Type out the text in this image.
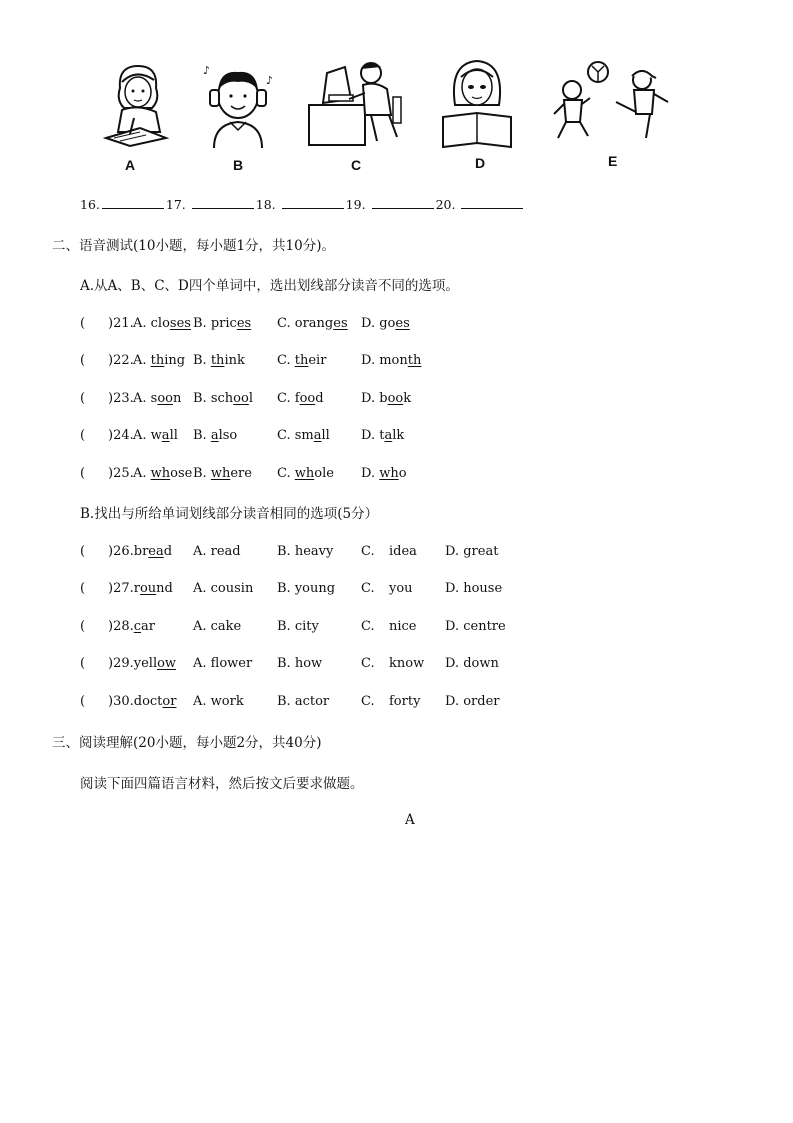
A
♪
♪
B	C	D	E
16.	17.	18.	19.	20.
二、语音测试(10小题，每小题1分，共10分)。
A.从A、B、C、D四个单词中，选出划线部分读音不同的选项。
( )21. A. closes B. prices C. oranges D. goes
( )22. A. thing B. think C. their	D. month
( )23. A. soon B. school C. food	D. book
( )24. A. wall B. also	C. small D. talk
( )25. A. whose B. where C. whole D. who
B.找出与所给单词划线部分读音相同的选项(5分）
( )26.bread A. read	B. heavy C. idea D. great
( )27.round A. cousin B. young C. you D. house
( )28.car	A. cake	B. city	C. nice D. centre
( )29.yellow A. flower B. how	C. know D. down
( )30.doctor A. work	B. actor C. forty D. order
三、阅读理解(20小题，每小题2分，共40分)
阅读下面四篇语言材料，然后按文后要求做题。
A
